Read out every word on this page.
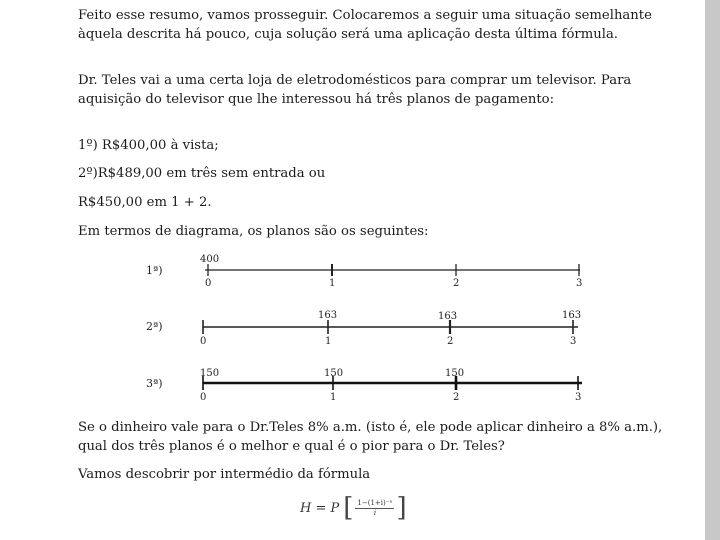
Feito esse resumo, vamos prosseguir. Colocaremos a seguir uma situação semelhante àquela descrita há pouco, cuja solução será uma aplicação desta última fórmula.

Dr. Teles vai a uma certa loja de eletrodomésticos para comprar um televisor. Para aquisição do televisor que lhe interessou há três planos de pagamento:

1º) R$400,00 à vista;

2º)R$489,00 em três sem entrada ou

R$450,00 em 1 + 2.

Em termos de diagrama, os planos são os seguintes:

1ª)
400
0	1	2	3
2ª)
163	163	163
0	1	2	3
3ª)
150	150	150
0	1	2	3

Se o dinheiro vale para o Dr.Teles 8% a.m. (isto é, ele pode aplicar dinheiro a 8% a.m.), qual dos três planos é o melhor e qual é o pior para o Dr. Teles?

Vamos descobrir por intermédio da fórmula

H = P [ $\frac{\text{1−(1+i)⁻ⁿ}}{i}$ ]
